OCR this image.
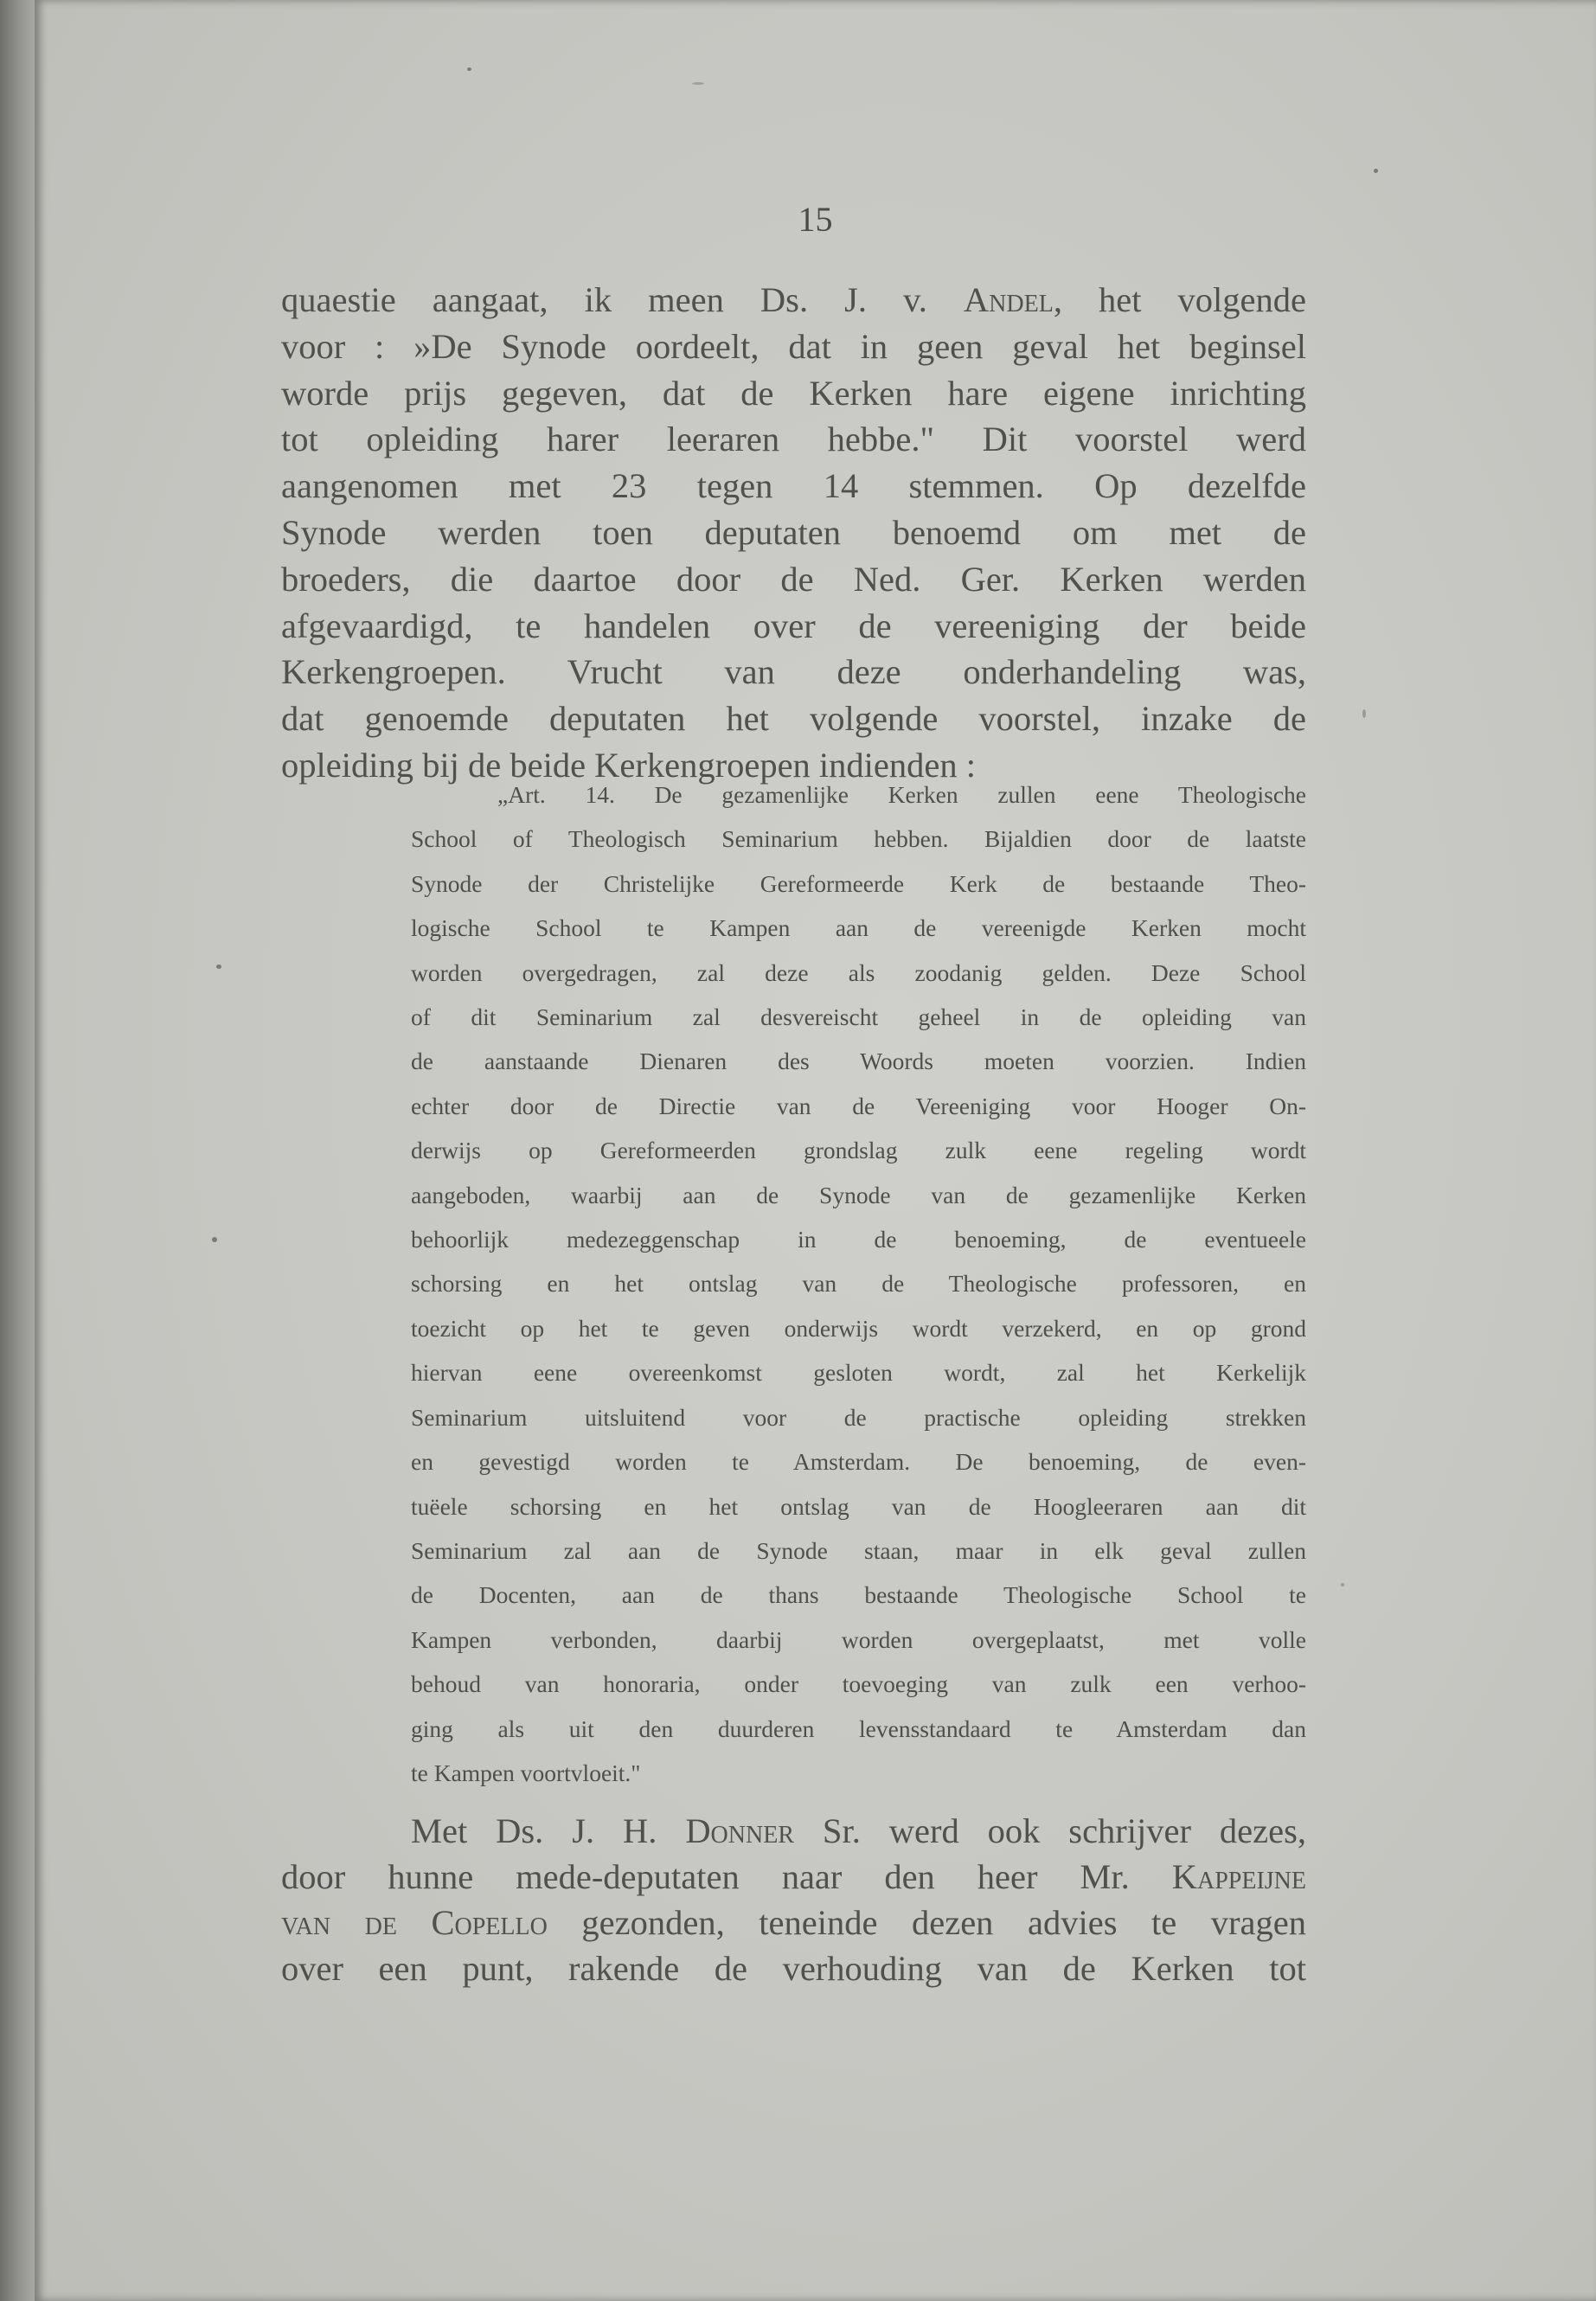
15
quaestie aangaat, ik meen Ds. J. v. Andel, het volgende
voor : »De Synode oordeelt, dat in geen geval het beginsel
worde prijs gegeven, dat de Kerken hare eigene inrichting
tot opleiding harer leeraren hebbe." Dit voorstel werd
aangenomen met 23 tegen 14 stemmen. Op dezelfde
Synode werden toen deputaten benoemd om met de
broeders, die daartoe door de Ned. Ger. Kerken werden
afgevaardigd, te handelen over de vereeniging der beide
Kerkengroepen. Vrucht van deze onderhandeling was,
dat genoemde deputaten het volgende voorstel, inzake de
opleiding bij de beide Kerkengroepen indienden :
„Art. 14. De gezamenlijke Kerken zullen eene Theologische
School of Theologisch Seminarium hebben. Bijaldien door de laatste
Synode der Christelijke Gereformeerde Kerk de bestaande Theo-
logische School te Kampen aan de vereenigde Kerken mocht
worden overgedragen, zal deze als zoodanig gelden. Deze School
of dit Seminarium zal desvereischt geheel in de opleiding van
de aanstaande Dienaren des Woords moeten voorzien. Indien
echter door de Directie van de Vereeniging voor Hooger On-
derwijs op Gereformeerden grondslag zulk eene regeling wordt
aangeboden, waarbij aan de Synode van de gezamenlijke Kerken
behoorlijk medezeggenschap in de benoeming, de eventueele
schorsing en het ontslag van de Theologische professoren, en
toezicht op het te geven onderwijs wordt verzekerd, en op grond
hiervan eene overeenkomst gesloten wordt, zal het Kerkelijk
Seminarium uitsluitend voor de practische opleiding strekken
en gevestigd worden te Amsterdam. De benoeming, de even-
tuëele schorsing en het ontslag van de Hoogleeraren aan dit
Seminarium zal aan de Synode staan, maar in elk geval zullen
de Docenten, aan de thans bestaande Theologische School te
Kampen verbonden, daarbij worden overgeplaatst, met volle
behoud van honoraria, onder toevoeging van zulk een verhoo-
ging als uit den duurderen levensstandaard te Amsterdam dan
te Kampen voortvloeit."
Met Ds. J. H. Donner Sr. werd ook schrijver dezes,
door hunne mede-deputaten naar den heer Mr. Kappeijne
van de Copello gezonden, teneinde dezen advies te vragen
over een punt, rakende de verhouding van de Kerken tot
